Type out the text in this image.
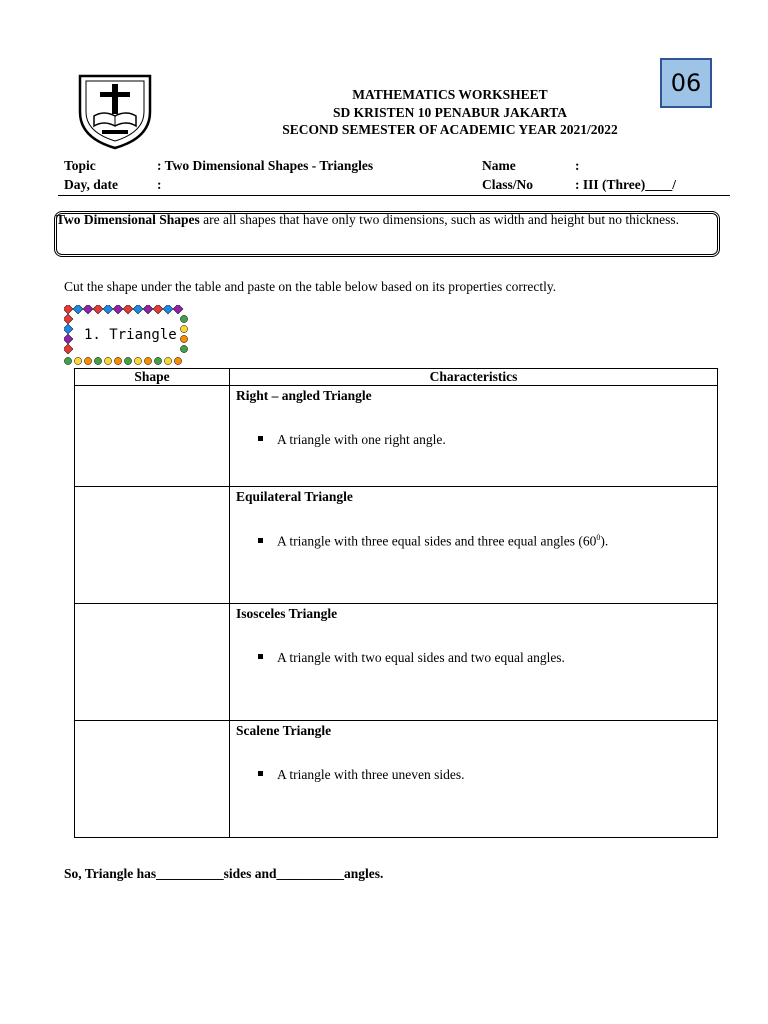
06
MATHEMATICS WORKSHEET
SD KRISTEN 10 PENABUR JAKARTA
SECOND SEMESTER OF ACADEMIC YEAR 2021/2022
Topic	: Two Dimensional Shapes - Triangles
Day, date	:
Name	:
Class/No	: III (Three)____/
Two Dimensional Shapes are all shapes that have only two dimensions, such as width and height but no thickness.
Cut the shape under the table and paste on the table below based on its properties correctly.
1. Triangle
Shape	Characteristics

	Right – angled Triangle
A triangle with one right angle.

	Equilateral Triangle
A triangle with three equal sides and three equal angles $(60^0)$.

	Isosceles Triangle
A triangle with two equal sides and two equal angles.

	Scalene Triangle
A triangle with three uneven sides.
So, Triangle has__________sides and__________angles.
